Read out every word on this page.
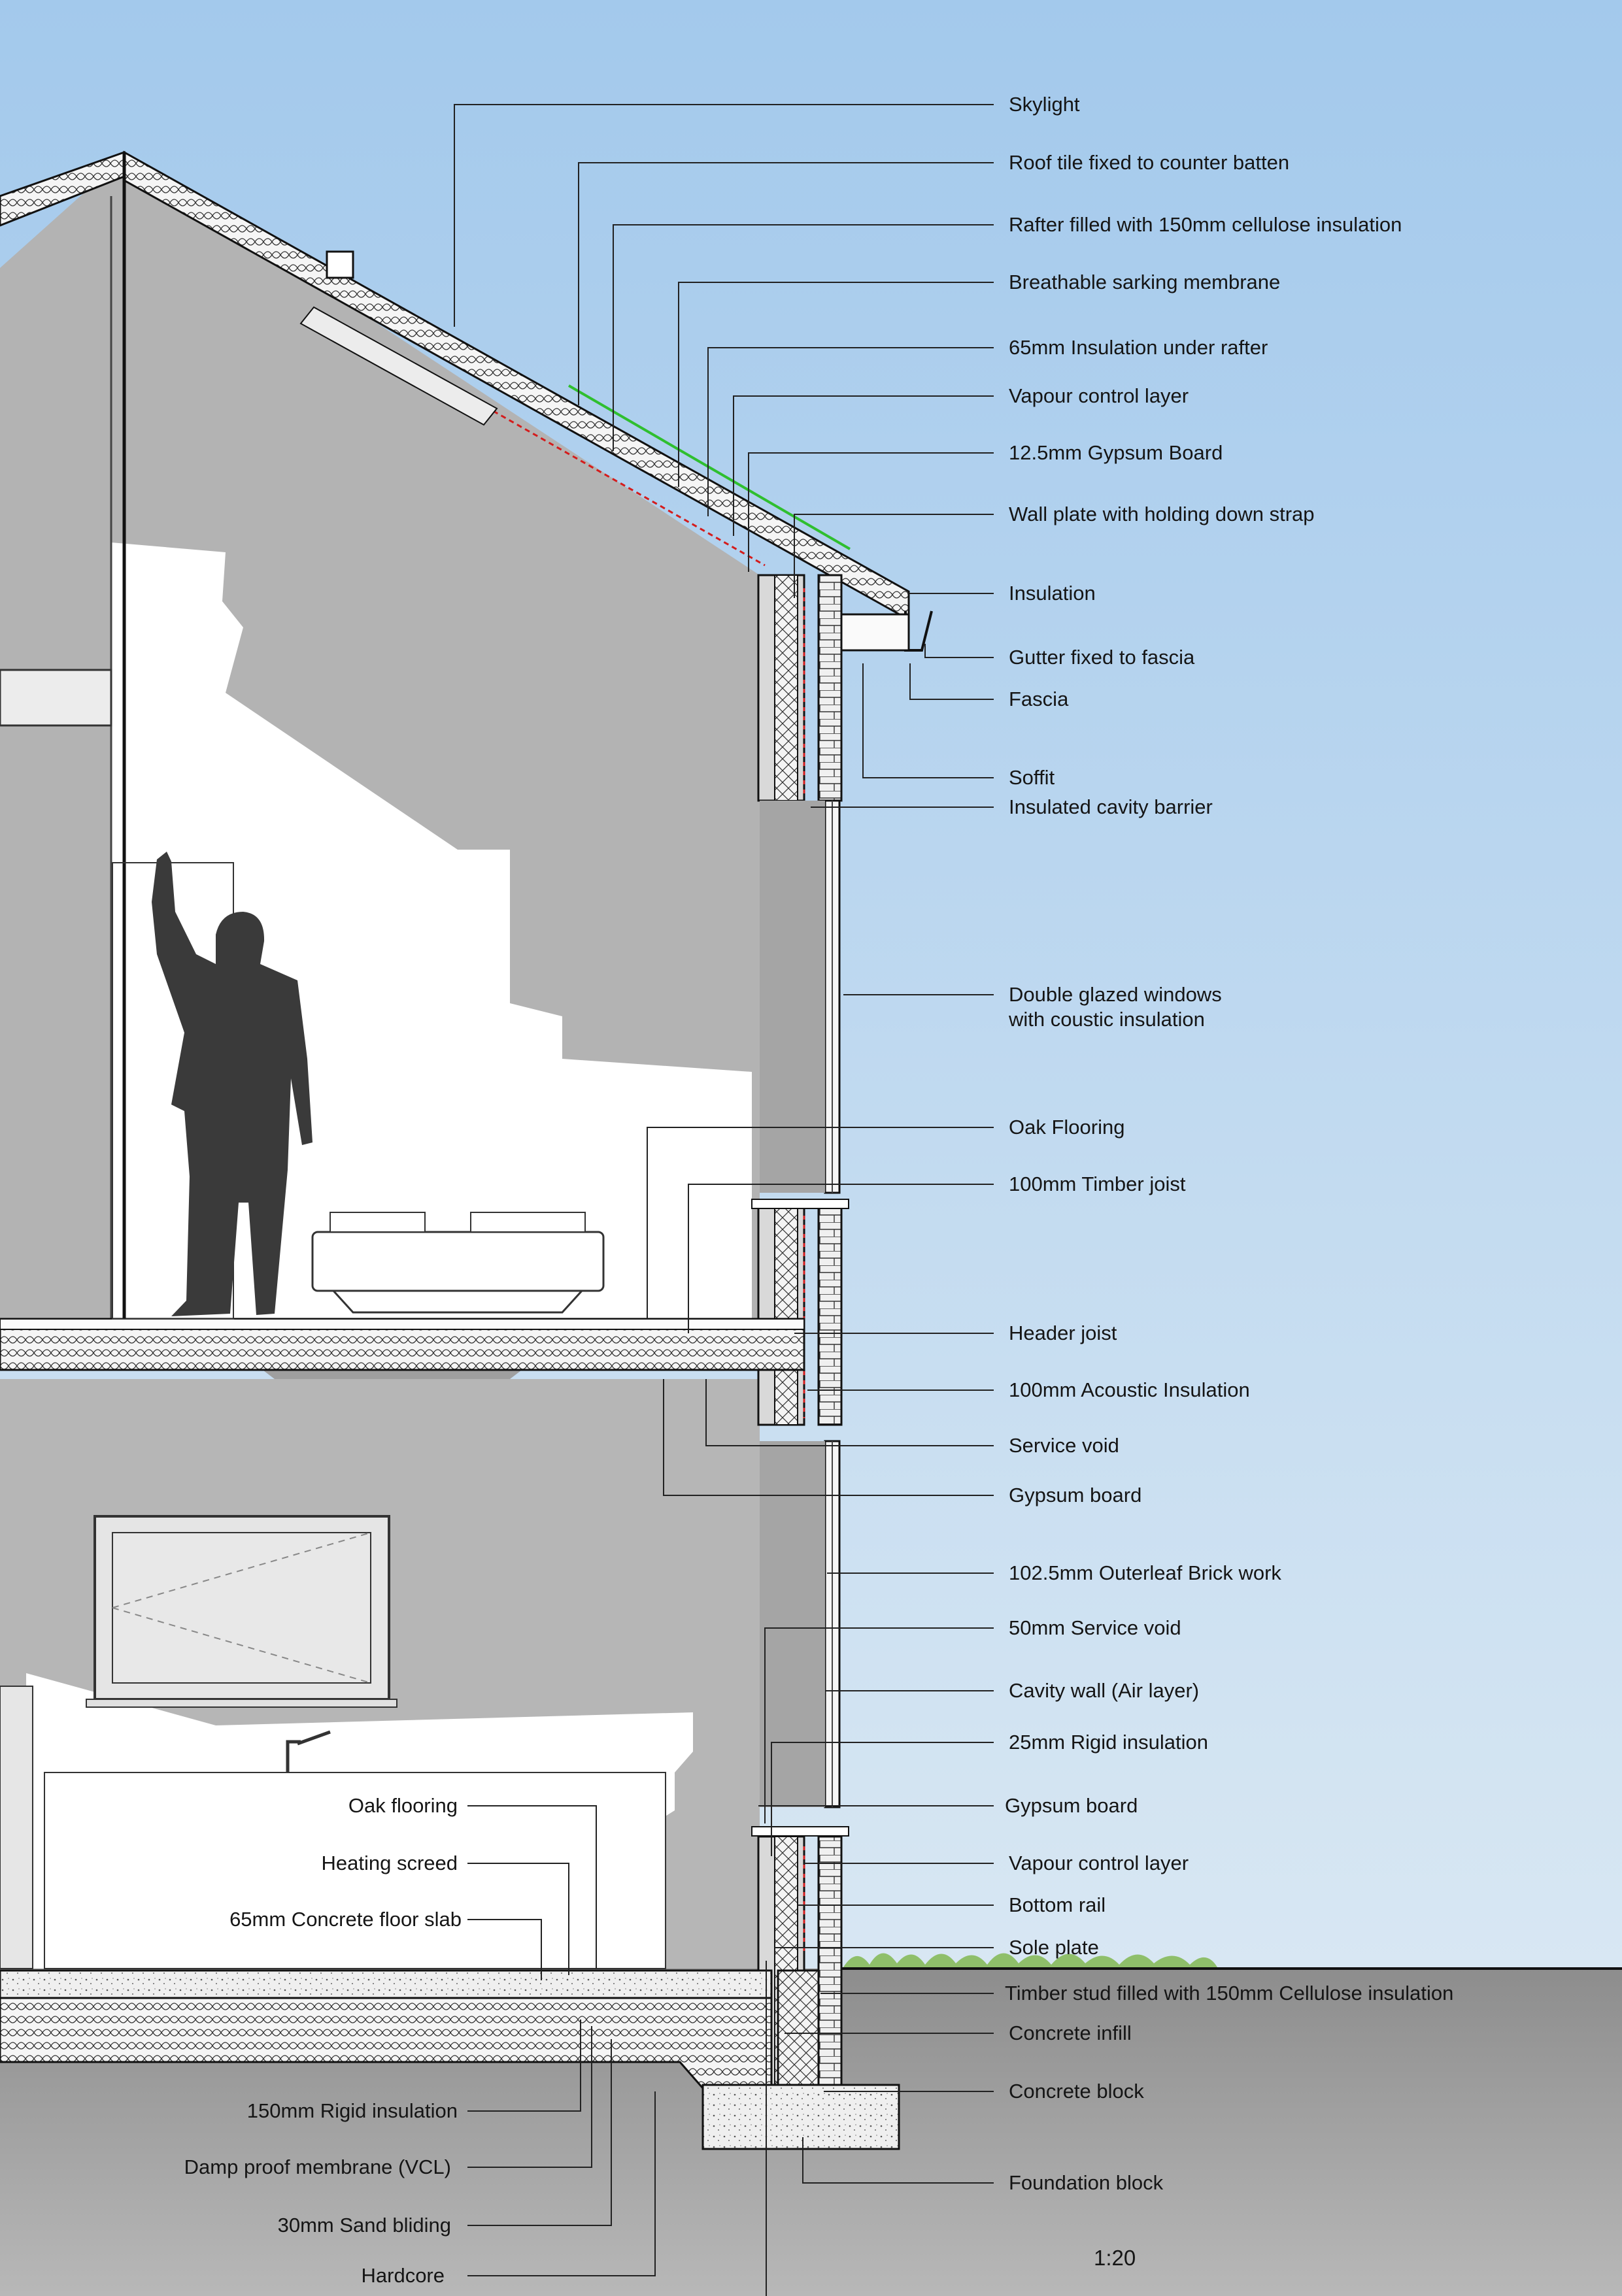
Skylight
Roof tile fixed to counter batten
Rafter filled with 150mm cellulose insulation
Breathable sarking membrane
65mm Insulation under rafter
Vapour control layer
12.5mm Gypsum Board
Wall plate with holding down strap
Insulation
Gutter fixed to fascia
Fascia
Soffit
Insulated cavity barrier
Double glazed windows
with coustic insulation
Oak Flooring
100mm Timber joist
Header joist
100mm Acoustic Insulation
Service void
Gypsum board
102.5mm Outerleaf Brick work
50mm Service void
Cavity wall (Air layer)
25mm Rigid insulation
Gypsum board
Vapour control layer
Bottom rail
Sole plate
Timber stud filled with 150mm Cellulose insulation
Concrete infill
Concrete block
Foundation block
Oak flooring
Heating screed
65mm Concrete floor slab
150mm Rigid insulation
Damp proof membrane (VCL)
30mm Sand bliding
Hardcore
1:20
